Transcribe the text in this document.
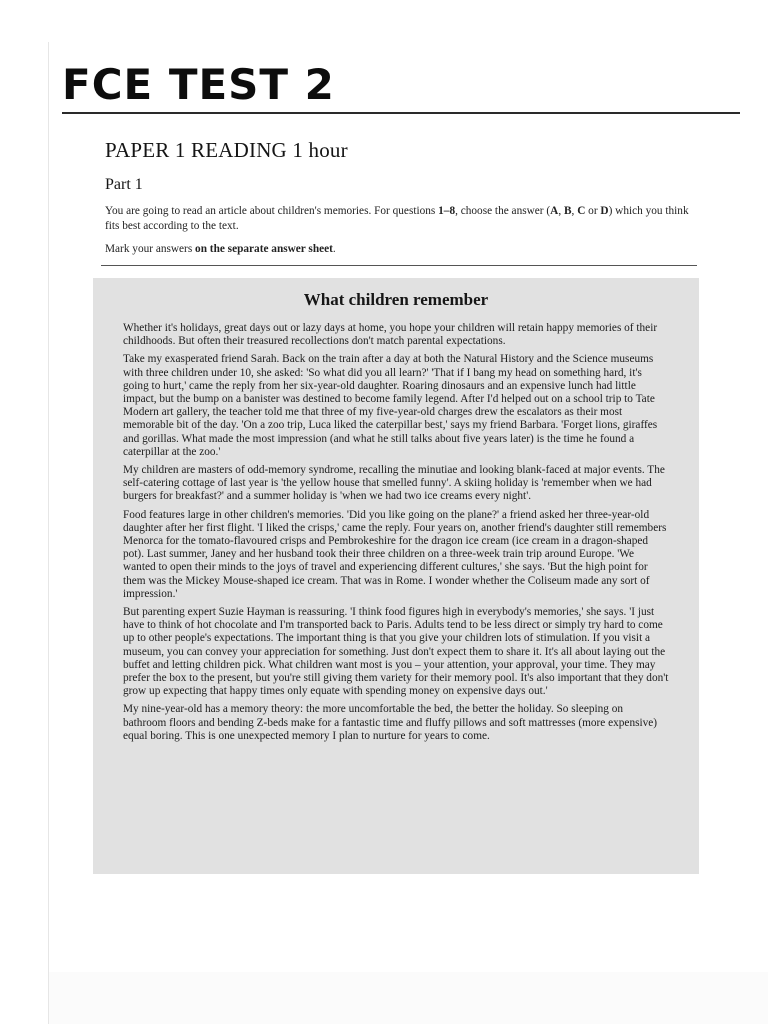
FCE TEST 2
PAPER 1 READING 1 hour
Part 1

You are going to read an article about children's memories. For questions 1–8, choose the answer (A, B, C or D) which you think fits best according to the text.

Mark your answers on the separate answer sheet.

What children remember

Whether it's holidays, great days out or lazy days at home, you hope your children will retain happy memories of their childhoods. But often their treasured recollections don't match parental expectations.

Take my exasperated friend Sarah. Back on the train after a day at both the Natural History and the Science museums with three children under 10, she asked: 'So what did you all learn?' 'That if I bang my head on something hard, it's going to hurt,' came the reply from her six-year-old daughter. Roaring dinosaurs and an expensive lunch had little impact, but the bump on a banister was destined to become family legend. After I'd helped out on a school trip to Tate Modern art gallery, the teacher told me that three of my five-year-old charges drew the escalators as their most memorable bit of the day. 'On a zoo trip, Luca liked the caterpillar best,' says my friend Barbara. 'Forget lions, giraffes and gorillas. What made the most impression (and what he still talks about five years later) is the time he found a caterpillar at the zoo.'

My children are masters of odd-memory syndrome, recalling the minutiae and looking blank-faced at major events. The self-catering cottage of last year is 'the yellow house that smelled funny'. A skiing holiday is 'remember when we had burgers for breakfast?' and a summer holiday is 'when we had two ice creams every night'.

Food features large in other children's memories. 'Did you like going on the plane?' a friend asked her three-year-old daughter after her first flight. 'I liked the crisps,' came the reply. Four years on, another friend's daughter still remembers Menorca for the tomato-flavoured crisps and Pembrokeshire for the dragon ice cream (ice cream in a dragon-shaped pot). Last summer, Janey and her husband took their three children on a three-week train trip around Europe. 'We wanted to open their minds to the joys of travel and experiencing different cultures,' she says. 'But the high point for them was the Mickey Mouse-shaped ice cream. That was in Rome. I wonder whether the Coliseum made any sort of impression.'

But parenting expert Suzie Hayman is reassuring. 'I think food figures high in everybody's memories,' she says. 'I just have to think of hot chocolate and I'm transported back to Paris. Adults tend to be less direct or simply try hard to come up to other people's expectations. The important thing is that you give your children lots of stimulation. If you visit a museum, you can convey your appreciation for something. Just don't expect them to share it. It's all about laying out the buffet and letting children pick. What children want most is you – your attention, your approval, your time. They may prefer the box to the present, but you're still giving them variety for their memory pool. It's also important that they don't grow up expecting that happy times only equate with spending money on expensive days out.'

My nine-year-old has a memory theory: the more uncomfortable the bed, the better the holiday. So sleeping on bathroom floors and bending Z-beds make for a fantastic time and fluffy pillows and soft mattresses (more expensive) equal boring. This is one unexpected memory I plan to nurture for years to come.
